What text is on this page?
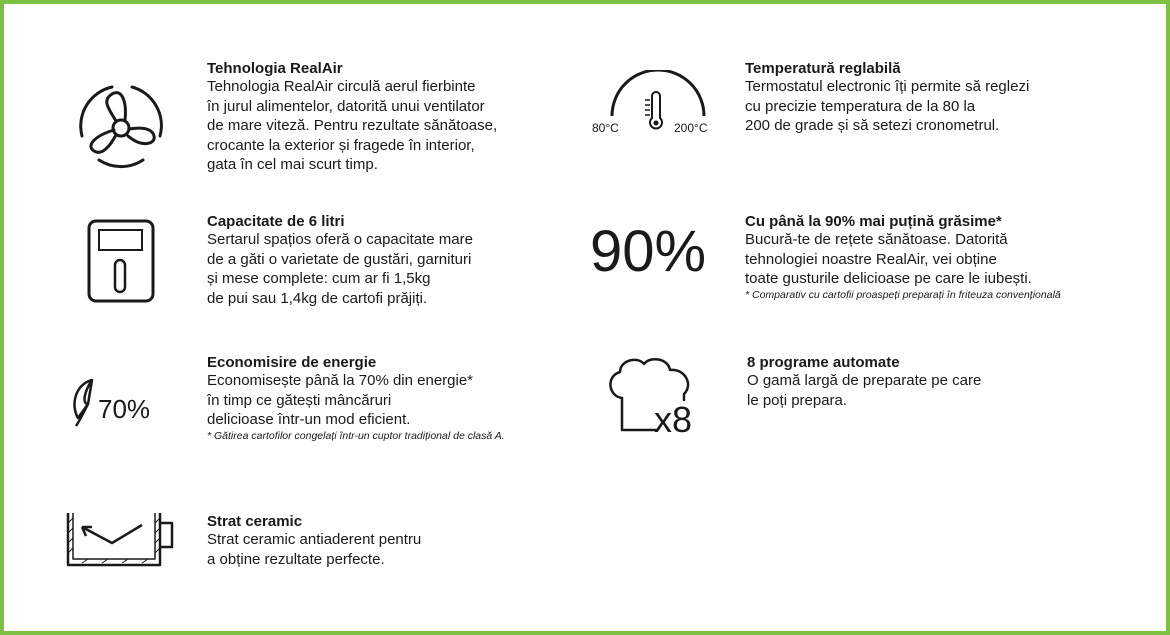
Tehnologia RealAir

Tehnologia RealAir circulă aerul fierbinte
în jurul alimentelor, datorită unui ventilator
de mare viteză. Pentru rezultate sănătoase,
crocante la exterior și fragede în interior,
gata în cel mai scurt timp.

80°C	200°C

Temperatură reglabilă

Termostatul electronic îți permite să reglezi
cu precizie temperatura de la 80 la
200 de grade și să setezi cronometrul.

Capacitate de 6 litri

Sertarul spațios oferă o capacitate mare
de a găti o varietate de gustări, garnituri
și mese complete: cum ar fi 1,5kg
de pui sau 1,4kg de cartofi prăjiți.

90%	Cu până la 90% mai puțină grăsime*

Bucură-te de rețete sănătoase. Datorită
tehnologiei noastre RealAir, vei obține
toate gusturile delicioase pe care le iubești.

* Comparativ cu cartofii proaspeți preparați în friteuza convențională

70%

Economisire de energie

Economisește până la 70% din energie*
în timp ce gătești mâncăruri
delicioase într-un mod eficient.

* Gătirea cartofilor congelați într-un cuptor tradițional de clasă A.	x8

8 programe automate

O gamă largă de preparate pe care
le poți prepara.

Strat ceramic

Strat ceramic antiaderent pentru
a obține rezultate perfecte.
